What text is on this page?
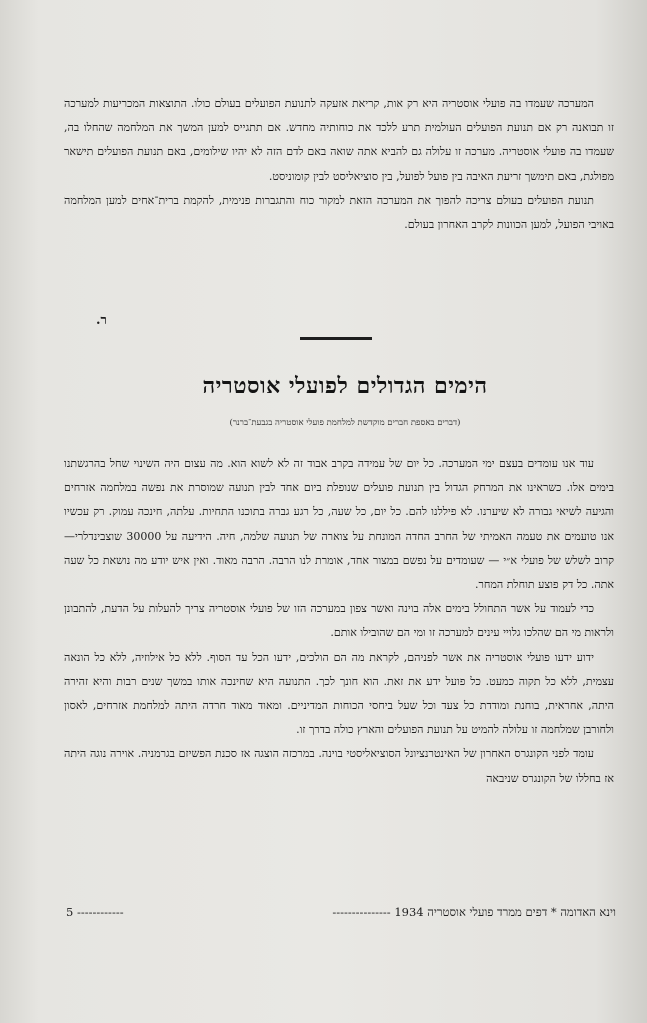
המערכה שעמדו בה פועלי אוסטריה היא רק אות, קריאת אזעקה לתנועת הפועלים בעולם כולו. התוצאות המכריעות למערכה זו תבואנה רק אם תנועת הפועלים העולמית תרע ללכד את כוחותיה מחדש. אם תתגייס למען המשך את המלחמה שהחלו בה, שעמדו בה פועלי אוסטריה. מערכה זו עלולה גם להביא אתה שואה באם לדם הזה לא יהיו שילומים, באם תנועת הפועלים תישאר מפולגת, באם תימשך זריעת האיבה בין פועל לפועל, בין סוציאליסט לבין קומוניסט.

תנועת הפועלים בעולם צריכה להפוך את המערכה הזאת למקור כוח והתגברות פנימית, להקמת ברית־אחים למען המלחמה באויבי הפועל, למען הכוונות לקרב האחרון בעולם.

ר.
הימים הגדולים לפועלי אוסטריה
(דברים באספת חברים מוקדשת למלחמת פועלי אוסטריה בגבעת־ברנר)

עוד אנו עומדים בעצם ימי המערכה. כל יום של עמידה בקרב אבוד זה לא לשוא הוא. מה עצום היה השינוי שחל בהרגשתנו בימים אלו. כשראינו את המרחק הגדול בין תנועת פועלים שנופלת ביום אחד לבין תנועה שמוסרת את נפשה במלחמה אזרחים והגיעה לשיאי גבורה לא שיערנו. לא פיללנו להם. כל יום, כל שעה, כל רגע גברה בתוכנו התחיות. עלתה, חינכה עמוק. רק עכשיו אנו טועמים את טעמה האמיתי של החרב החדה המונחת על צוארה של תנועה שלמה, חיה. הידיעה על 30000 שוצבינדלרי— קרוב לשלש של פועלי א״י — שעומדים על נפשם במצור אחד, אומרת לנו הרבה. הרבה מאוד. ואין איש יודע מה נושאת כל שעה אתה. כל דק פוצע תוחלת המחר.

כדי לעמוד על אשר התחולל בימים אלה בוינה ואשר צפון במערכה הזו של פועלי אוסטריה צריך להעלות על הדעת, להתבונן ולראות מי הם שהלכו גלויי עינים למערכה זו ומי הם שהובילו אותם.

ידוע ידעו פועלי אוסטריה את אשר לפניהם, לקראת מה הם הולכים, ידעו הכל עד הסוף. ללא כל אילוזיה, ללא כל הונאה עצמית, ללא כל תקוה כמעט. כל פועל ידע את זאת. הוא חונך לכך. התנועה היא שחינכה אותו במשך שנים רבות והיא זהירה היתה, אחראית, בוחנת ומודדת כל צעד וכל שעל ביחסי הכוחות המדיניים. ומאוד מאוד חרדה היתה למלחמת אזרחים, לאסון ולחורבן שמלחמה זו עלולה להמיט על תנועת הפועלים והארץ כולה בדרך זו.

עומד לפני הקונגרס האחרון של האינטרנציונל הסוציאליסטי בוינה. במרכזה הוצגה אז סכנת הפשיזם בגרמניה. אוירה נוגה היתה אז בחללו של הקונגרס שניבאה

וינא האדומה * דפים ממרד פועלי אוסטריה 1934 ---------------
5 ------------
